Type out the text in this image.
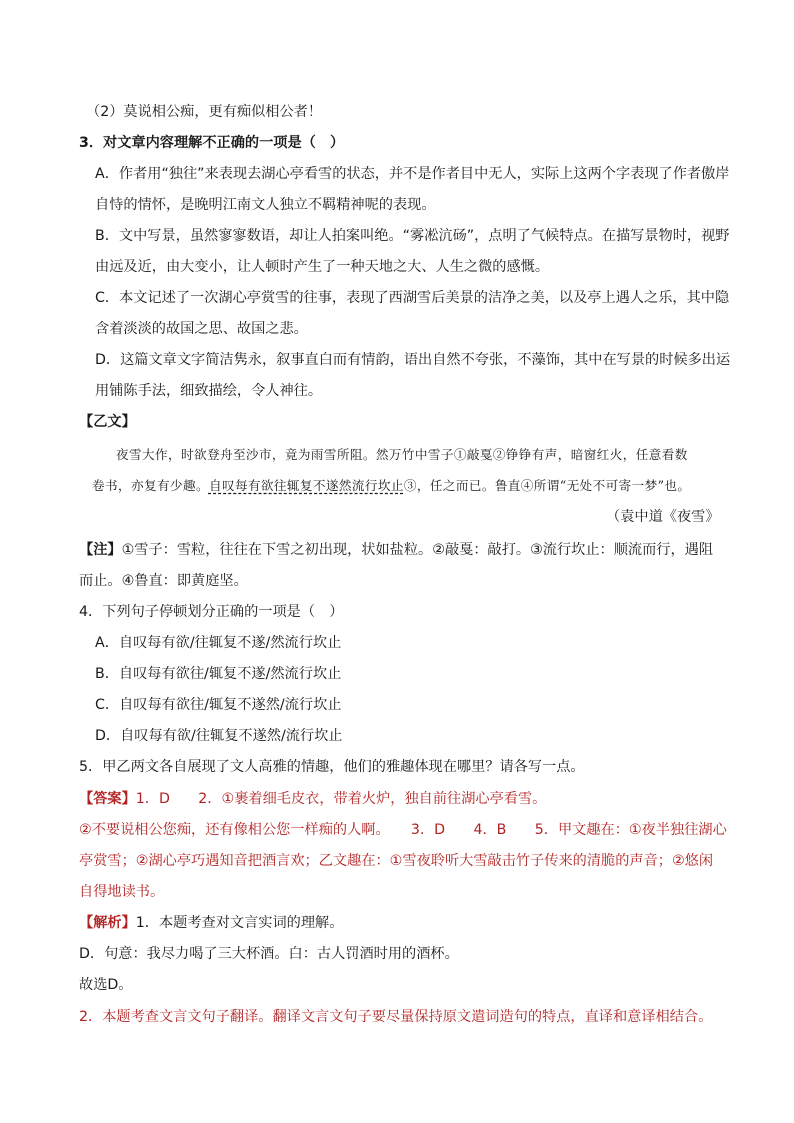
（2）莫说相公痴，更有痴似相公者！
3．对文章内容理解不正确的一项是（　）
A．作者用“独往”来表现去湖心亭看雪的状态，并不是作者目中无人，实际上这两个字表现了作者傲岸
自恃的情怀，是晚明江南文人独立不羁精神呢的表现。
B．文中写景，虽然寥寥数语，却让人拍案叫绝。“雾凇沆砀”，点明了气候特点。在描写景物时，视野
由远及近，由大变小，让人顿时产生了一种天地之大、人生之微的感慨。
C．本文记述了一次湖心亭赏雪的往事，表现了西湖雪后美景的洁净之美，以及亭上遇人之乐，其中隐
含着淡淡的故国之思、故国之悲。
D．这篇文章文字简洁隽永，叙事直白而有情韵，语出自然不夸张，不藻饰，其中在写景的时候多出运
用铺陈手法，细致描绘，令人神往。
【乙文】
夜雪大作，时欲登舟至沙市，竟为雨雪所阻。然万竹中雪子①敲戛②铮铮有声，暗窗红火，任意看数
卷书，亦复有少趣。自叹每有欲往辄复不遂然流行坎止③，任之而已。鲁直④所谓“无处不可寄一梦”也。
（袁中道《夜雪》
【注】①雪子：雪粒，往往在下雪之初出现，状如盐粒。②敲戛：敲打。③流行坎止：顺流而行，遇阻
而止。④鲁直：即黄庭坚。
4．下列句子停顿划分正确的一项是（　）
A．自叹每有欲/往辄复不遂/然流行坎止
B．自叹每有欲往/辄复不遂/然流行坎止
C．自叹每有欲往/辄复不遂然/流行坎止
D．自叹每有欲/往辄复不遂然/流行坎止
5．甲乙两文各自展现了文人高雅的情趣，他们的雅趣体现在哪里？请各写一点。
【答案】1．D　　2．①裹着细毛皮衣，带着火炉，独自前往湖心亭看雪。
②不要说相公您痴，还有像相公您一样痴的人啊。　　3．D　　4．B　　5．甲文趣在：①夜半独往湖心
亭赏雪；②湖心亭巧遇知音把酒言欢；乙文趣在：①雪夜聆听大雪敲击竹子传来的清脆的声音；②悠闲
自得地读书。
【解析】1．本题考查对文言实词的理解。
D．句意：我尽力喝了三大杯酒。白：古人罚酒时用的酒杯。
故选D。
2．本题考查文言文句子翻译。翻译文言文句子要尽量保持原文遣词造句的特点，直译和意译相结合。
